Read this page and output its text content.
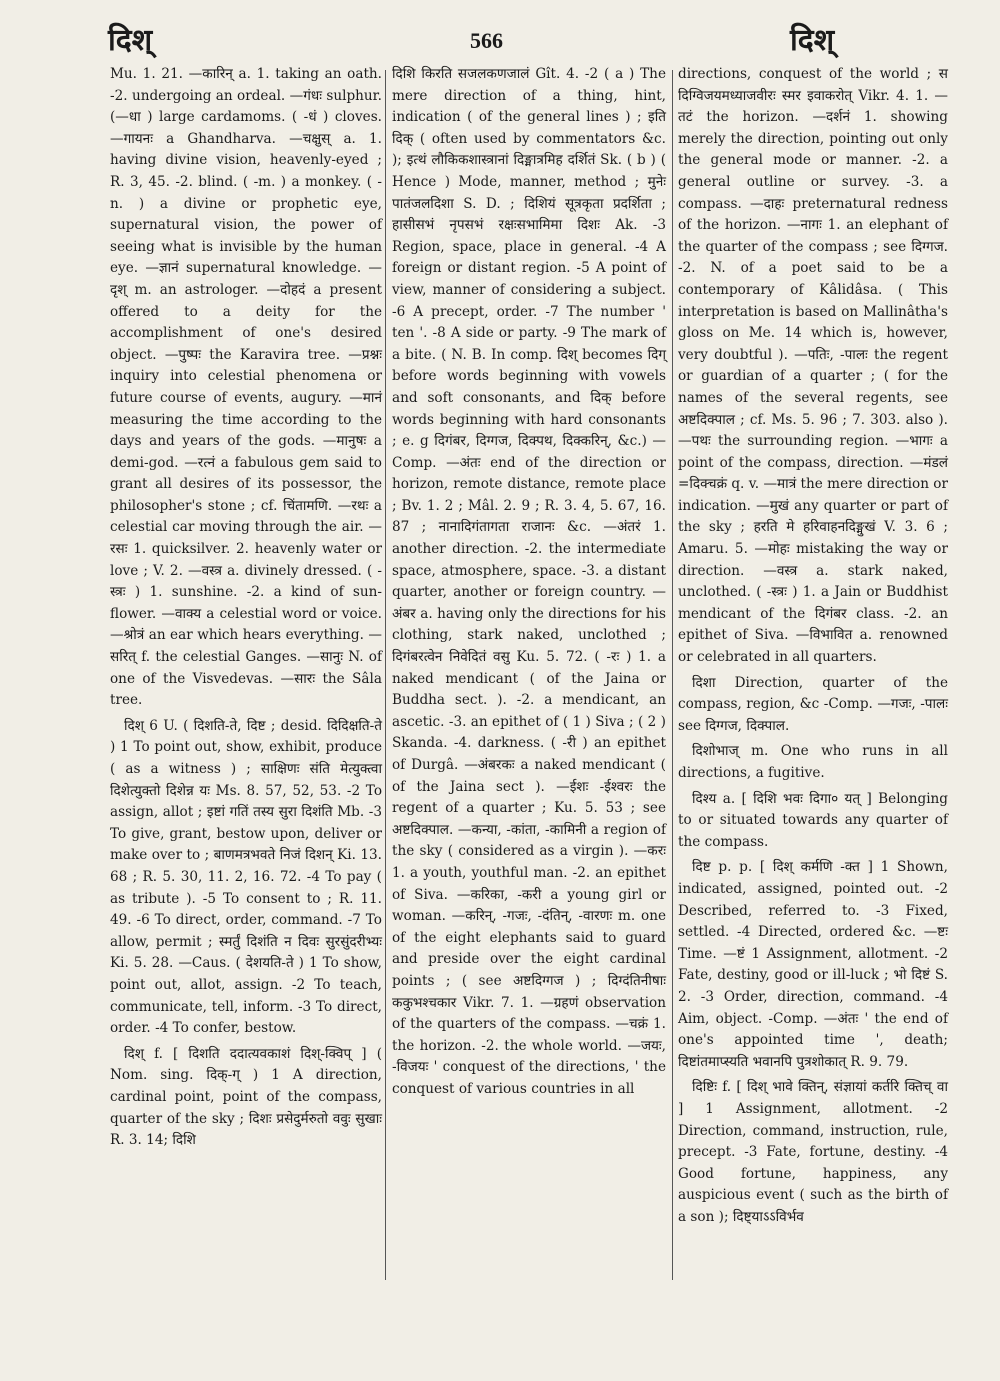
दिश्	566	दिश्

Mu. 1. 21. —कारिन् a. 1. taking an oath. -2. undergoing an ordeal. —गंधः sulphur. (—धा ) large cardamoms. ( -धं ) cloves. —गायनः a Ghandharva. —चक्षुस् a. 1. having divine vision, heavenly-eyed ; R. 3, 45. -2. blind. ( -m. ) a monkey. ( -n. ) a divine or prophetic eye, supernatural vision, the power of seeing what is invisible by the human eye. —ज्ञानं supernatural knowledge. —दृश् m. an astrologer. —दोहदं a present offered to a deity for the accomplishment of one's desired object. —पुष्पः the Karavira tree. —प्रश्नः inquiry into celestial phenomena or future course of events, augury. —मानं measuring the time according to the days and years of the gods. —मानुषः a demi-god. —रत्नं a fabulous gem said to grant all desires of its possessor, the philosopher's stone ; cf. चिंतामणि. —रथः a celestial car moving through the air. —रसः 1. quicksilver. 2. heavenly water or love ; V. 2. —वस्त्र a. divinely dressed. ( -स्त्रः ) 1. sunshine. -2. a kind of sun-flower. —वाक्य a celestial word or voice. —श्रोत्रं an ear which hears everything. —सरित् f. the celestial Ganges. —सानुः N. of one of the Visvedevas. —सारः the Sâla tree.

दिश् 6 U. ( दिशति-ते, दिष्ट ; desid. दिदिक्षति-ते ) 1 To point out, show, exhibit, produce ( as a witness ) ; साक्षिणः संति मेत्युक्त्वा दिशेत्युक्तो दिशेन्न यः Ms. 8. 57, 52, 53. -2 To assign, allot ; इष्टां गतिं तस्य सुरा दिशंति Mb. -3 To give, grant, bestow upon, deliver or make over to ; बाणमत्रभवते निजं दिशन् Ki. 13. 68 ; R. 5. 30, 11. 2, 16. 72. -4 To pay ( as tribute ). -5 To consent to ; R. 11. 49. -6 To direct, order, command. -7 To allow, permit ; स्मर्तुं दिशंति न दिवः सुरसुंदरीभ्यः Ki. 5. 28. —Caus. ( देशयति-ते ) 1 To show, point out, allot, assign. -2 To teach, communicate, tell, inform. -3 To direct, order. -4 To confer, bestow.

दिश् f. [ दिशति ददात्यवकाशं दिश्-क्विप् ] ( Nom. sing. दिक्-ग् ) 1 A direction, cardinal point, point of the compass, quarter of the sky ; दिशः प्रसेदुर्मरुतो ववुः सुखाः R. 3. 14; दिशि

दिशि किरति सजलकणजालं Gît. 4. -2 ( a ) The mere direction of a thing, hint, indication ( of the general lines ) ; इति दिक् ( often used by commentators &c. ); इत्थं लौकिकशास्त्रानां दिङ्मात्रमिह दर्शितं Sk. ( b ) ( Hence ) Mode, manner, method ; मुनेः पातंजलदिशा S. D. ; दिशियं सूत्रकृता प्रदर्शिता ; हासीसभं नृपसभं रक्षःसभामिमा दिशः Ak. -3 Region, space, place in general. -4 A foreign or distant region. -5 A point of view, manner of considering a subject. -6 A precept, order. -7 The number ' ten '. -8 A side or party. -9 The mark of a bite. ( N. B. In comp. दिश् becomes दिग् before words beginning with vowels and soft consonants, and दिक् before words beginning with hard consonants ; e. g दिगंबर, दिग्गज, दिक्पथ, दिक्करिन्, &c.) —Comp. —अंतः end of the direction or horizon, remote distance, remote place ; Bv. 1. 2 ; Mâl. 2. 9 ; R. 3. 4, 5. 67, 16. 87 ; नानादिगंतागता राजानः &c. —अंतरं 1. another direction. -2. the intermediate space, atmosphere, space. -3. a distant quarter, another or foreign country. —अंबर a. having only the directions for his clothing, stark naked, unclothed ; दिगंबरत्वेन निवेदितं वसु Ku. 5. 72. ( -रः ) 1. a naked mendicant ( of the Jaina or Buddha sect. ). -2. a mendicant, an ascetic. -3. an epithet of ( 1 ) Siva ; ( 2 ) Skanda. -4. darkness. ( -री ) an epithet of Durgâ. —अंबरकः a naked mendicant ( of the Jaina sect ). —ईशः -ईश्वरः the regent of a quarter ; Ku. 5. 53 ; see अष्टदिक्पाल. —कन्या, -कांता, -कामिनी a region of the sky ( considered as a virgin ). —करः 1. a youth, youthful man. -2. an epithet of Siva. —करिका, -करी a young girl or woman. —करिन्, -गजः, -दंतिन्, -वारणः m. one of the eight elephants said to guard and preside over the eight cardinal points ; ( see अष्टदिग्गज ) ; दिग्दंतिनीषाः ककुभश्चकार Vikr. 7. 1. —ग्रहणं observation of the quarters of the compass. —चक्रं 1. the horizon. -2. the whole world. —जयः, -विजयः ' conquest of the directions, ' the conquest of various countries in all

directions, conquest of the world ; स दिग्विजयमध्याजवीरः स्मर इवाकरोत् Vikr. 4. 1. —तटं the horizon. —दर्शनं 1. showing merely the direction, pointing out only the general mode or manner. -2. a general outline or survey. -3. a compass. —दाहः preternatural redness of the horizon. —नागः 1. an elephant of the quarter of the compass ; see दिग्गज. -2. N. of a poet said to be a contemporary of Kâlidâsa. ( This interpretation is based on Mallinâtha's gloss on Me. 14 which is, however, very doubtful ). —पतिः, -पालः the regent or guardian of a quarter ; ( for the names of the several regents, see अष्टदिक्पाल ; cf. Ms. 5. 96 ; 7. 303. also ). —पथः the surrounding region. —भागः a point of the compass, direction. —मंडलं =दिक्चक्रं q. v. —मात्रं the mere direction or indication. —मुखं any quarter or part of the sky ; हरति मे हरिवाहनदिङ्मुखं V. 3. 6 ; Amaru. 5. —मोहः mistaking the way or direction. —वस्त्र a. stark naked, unclothed. ( -स्त्रः ) 1. a Jain or Buddhist mendicant of the दिगंबर class. -2. an epithet of Siva. —विभावित a. renowned or celebrated in all quarters.

दिशा Direction, quarter of the compass, region, &c -Comp. —गजः, -पालः see दिग्गज, दिक्पाल.

दिशोभाज् m. One who runs in all directions, a fugitive.

दिश्य a. [ दिशि भवः दिगा० यत् ] Belonging to or situated towards any quarter of the compass.

दिष्ट p. p. [ दिश् कर्मणि -क्त ] 1 Shown, indicated, assigned, pointed out. -2 Described, referred to. -3 Fixed, settled. -4 Directed, ordered &c. —ष्टः Time. —ष्टं 1 Assignment, allotment. -2 Fate, destiny, good or ill-luck ; भो दिष्टं S. 2. -3 Order, direction, command. -4 Aim, object. -Comp. —अंतः ' the end of one's appointed time ', death; दिष्टांतमाप्स्यति भवानपि पुत्रशोकात् R. 9. 79.

दिष्टिः f. [ दिश् भावे क्तिन्, संज्ञायां कर्तरि क्तिच् वा ] 1 Assignment, allotment. -2 Direction, command, instruction, rule, precept. -3 Fate, fortune, destiny. -4 Good fortune, happiness, any auspicious event ( such as the birth of a son ); दिष्ट्याऽऽविर्भव
